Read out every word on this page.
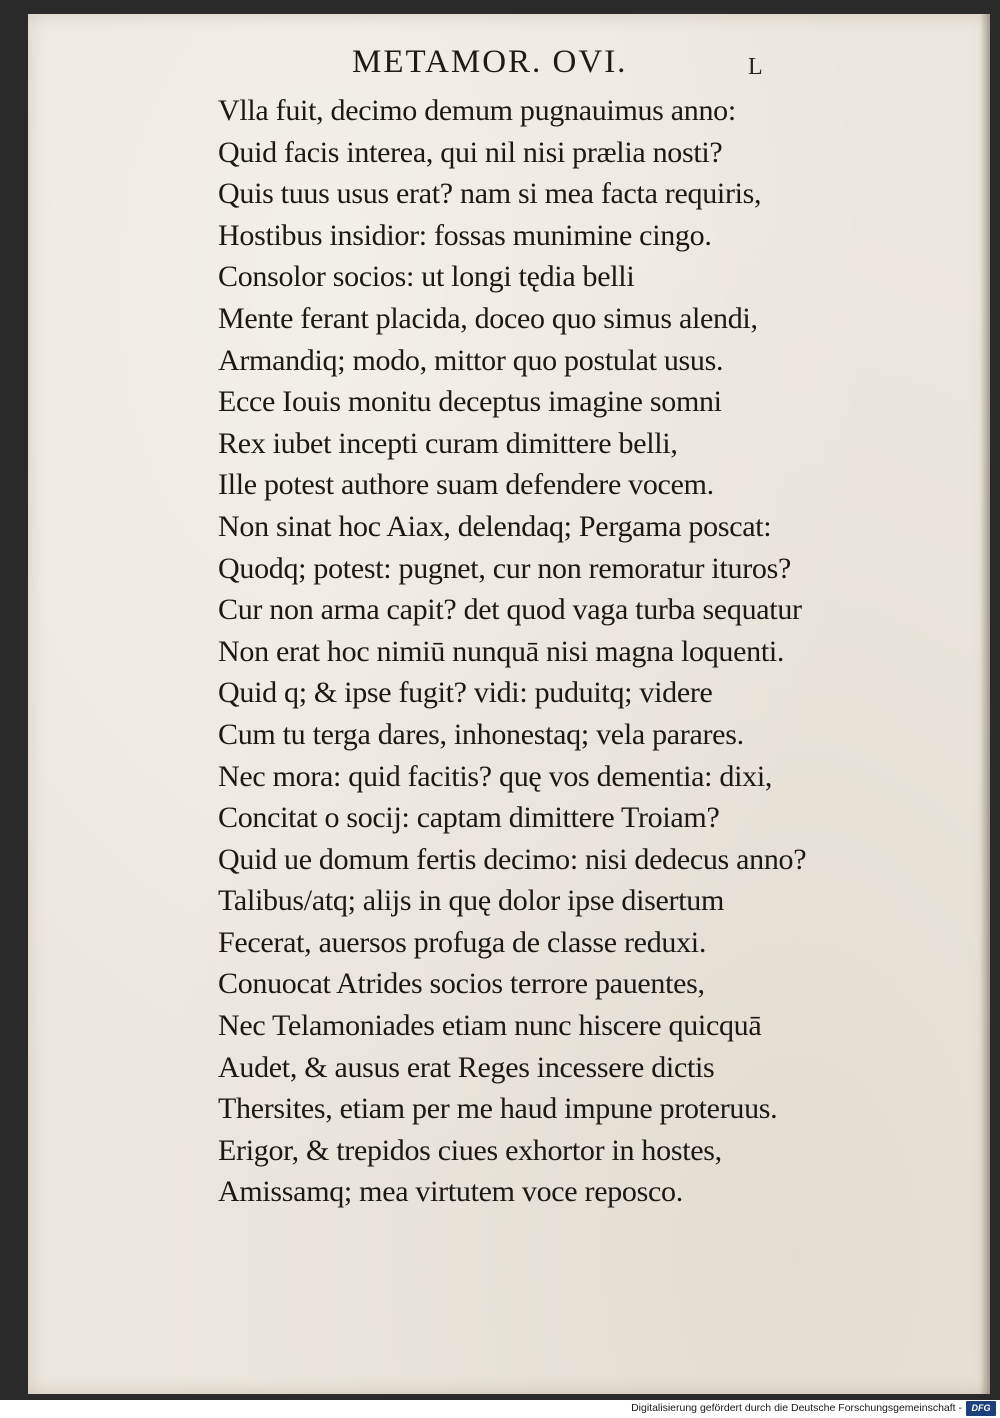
METAMOR. OVI.	L
Vlla fuit, decimo demum pugnauimus anno:
Quid facis interea, qui nil nisi prælia nosti?
Quis tuus usus erat? nam si mea facta requiris,
Hostibus insidior: fossas munimine cingo.
Consolor socios: ut longi tędia belli
Mente ferant placida, doceo quo simus alendi,
Armandiq; modo, mittor quo postulat usus.
Ecce Iouis monitu deceptus imagine somni
Rex iubet incepti curam dimittere belli,
Ille potest authore suam defendere vocem.
Non sinat hoc Aiax, delendaq; Pergama poscat:
Quodq; potest: pugnet, cur non remoratur ituros?
Cur non arma capit? det quod vaga turba sequatur
Non erat hoc nimiū nunquā nisi magna loquenti.
Quid q; & ipse fugit? vidi: puduitq; videre
Cum tu terga dares, inhonestaq; vela parares.
Nec mora: quid facitis? quę vos dementia: dixi,
Concitat o socij: captam dimittere Troiam?
Quid ue domum fertis decimo: nisi dedecus anno?
Talibus/atq; alijs in quę dolor ipse disertum
Fecerat, auersos profuga de classe reduxi.
Conuocat Atrides socios terrore pauentes,
Nec Telamoniades etiam nunc hiscere quicquā
Audet, & ausus erat Reges incessere dictis
Thersites, etiam per me haud impune proteruus.
Erigor, & trepidos ciues exhortor in hostes,
Amissamq; mea virtutem voce reposco.
Digitalisierung gefördert durch die Deutsche Forschungsgemeinschaft -	DFG
